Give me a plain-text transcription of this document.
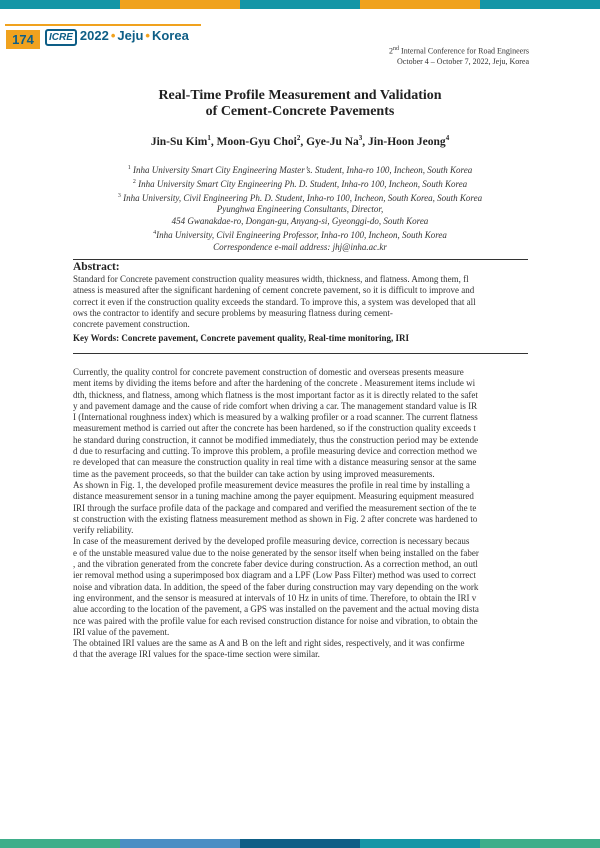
174	ICRE 2022 • Jeju • Korea
2nd Internal Conference for Road Engineers
October 4 – October 7, 2022, Jeju, Korea
Real-Time Profile Measurement and Validation
of Cement-Concrete Pavements
Jin-Su Kim$^1$, Moon-Gyu Choi$^2$, Gye-Ju Na$^3$, Jin-Hoon Jeong$^4$
$^1$ Inha University Smart City Engineering Master’s. Student, Inha-ro 100, Incheon, South Korea
$^2$ Inha University Smart City Engineering Ph. D. Student, Inha-ro 100, Incheon, South Korea
$^3$ Inha University, Civil Engineering Ph. D. Student, Inha-ro 100, Incheon, South Korea, South Korea
Pyunghwa Engineering Consultants, Director,
454 Gwanakdae-ro, Dongan-gu, Anyang-si, Gyeonggi-do, South Korea
$^4$Inha University, Civil Engineering Professor, Inha-ro 100, Incheon, South Korea
Correspondence e-mail address: jhj@inha.ac.kr
Abstract:
Standard for Concrete pavement construction quality measures width, thickness, and flatness. Among them, fl
atness is measured after the significant hardening of cement concrete pavement, so it is difficult to improve and
correct it even if the construction quality exceeds the standard. To improve this, a system was developed that all
ows the contractor to identify and secure problems by measuring flatness during cement-
concrete pavement construction.
Key Words: Concrete pavement, Concrete pavement quality, Real-time monitoring, IRI
Currently, the quality control for concrete pavement construction of domestic and overseas presents measure
ment items by dividing the items before and after the hardening of the concrete . Measurement items include wi
dth, thickness, and flatness, among which flatness is the most important factor as it is directly related to the safet
y and pavement damage and the cause of ride comfort when driving a car. The management standard value is IR
I (International roughness index) which is measured by a walking profiler or a road scanner. The current flatness
measurement method is carried out after the concrete has been hardened, so if the construction quality exceeds t
he standard during construction, it cannot be modified immediately, thus the construction period may be extende
d due to resurfacing and cutting. To improve this problem, a profile measuring device and correction method we
re developed that can measure the construction quality in real time with a distance measuring sensor at the same
time as the pavement proceeds, so that the builder can take action by using improved measurements.
As shown in Fig. 1, the developed profile measurement device measures the profile in real time by installing a
distance measurement sensor in a tuning machine among the payer equipment. Measuring equipment measured
IRI through the surface profile data of the package and compared and verified the measurement section of the te
st construction with the existing flatness measurement method as shown in Fig. 2 after concrete was hardened to
verify reliability.
In case of the measurement derived by the developed profile measuring device, correction is necessary becaus
e of the unstable measured value due to the noise generated by the sensor itself when being installed on the faber
, and the vibration generated from the concrete faber device during construction. As a correction method, an outl
ier removal method using a superimposed box diagram and a LPF (Low Pass Filter) method was used to correct
noise and vibration data. In addition, the speed of the faber during construction may vary depending on the work
ing environment, and the sensor is measured at intervals of 10 Hz in units of time. Therefore, to obtain the IRI v
alue according to the location of the pavement, a GPS was installed on the pavement and the actual moving dista
nce was paired with the profile value for each revised construction distance for noise and vibration, to obtain the
IRI value of the pavement.
The obtained IRI values are the same as A and B on the left and right sides, respectively, and it was confirme
d that the average IRI values for the space-time section were similar.
